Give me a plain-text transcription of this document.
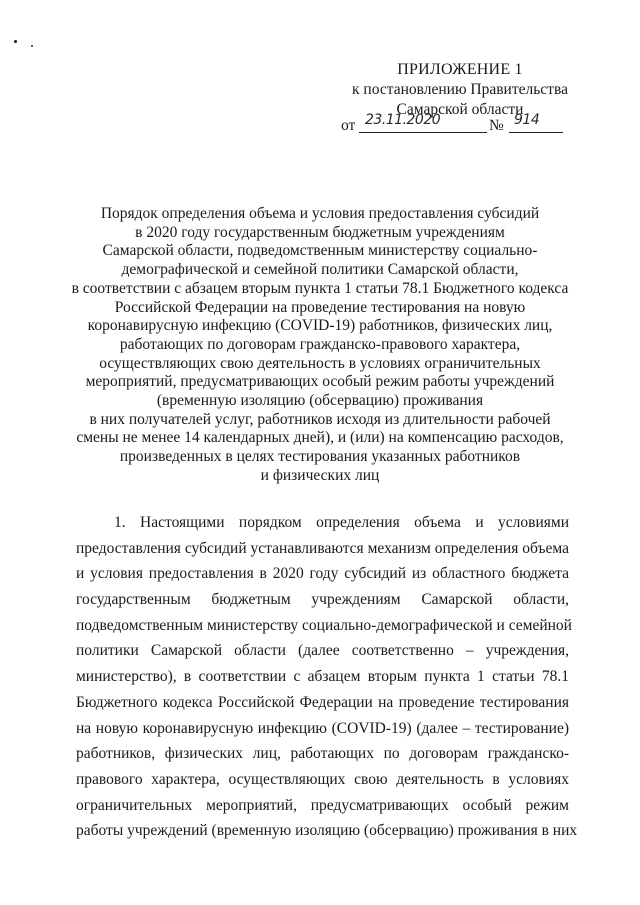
ПРИЛОЖЕНИЕ 1
к постановлению Правительства
Самарской области
от 23.11.2020	№ 914
Порядок определения объема и условия предоставления субсидий
в 2020 году государственным бюджетным учреждениям
Самарской области, подведомственным министерству социально-
демографической и семейной политики Самарской области,
в соответствии с абзацем вторым пункта 1 статьи 78.1 Бюджетного кодекса
Российской Федерации на проведение тестирования на новую
коронавирусную инфекцию (COVID-19) работников, физических лиц,
работающих по договорам гражданско-правового характера,
осуществляющих свою деятельность в условиях ограничительных
мероприятий, предусматривающих особый режим работы учреждений
(временную изоляцию (обсервацию) проживания
в них получателей услуг, работников исходя из длительности рабочей
смены не менее 14 календарных дней), и (или) на компенсацию расходов,
произведенных в целях тестирования указанных работников
и физических лиц
1. Настоящими порядком определения объема и условиями
предоставления субсидий устанавливаются механизм определения объема
и условия предоставления в 2020 году субсидий из областного бюджета
государственным бюджетным учреждениям Самарской области,
подведомственным министерству социально-демографической и семейной
политики Самарской области (далее соответственно – учреждения,
министерство), в соответствии с абзацем вторым пункта 1 статьи 78.1
Бюджетного кодекса Российской Федерации на проведение тестирования
на новую коронавирусную инфекцию (COVID-19) (далее – тестирование)
работников, физических лиц, работающих по договорам гражданско-
правового характера, осуществляющих свою деятельность в условиях
ограничительных мероприятий, предусматривающих особый режим
работы учреждений (временную изоляцию (обсервацию) проживания в них
